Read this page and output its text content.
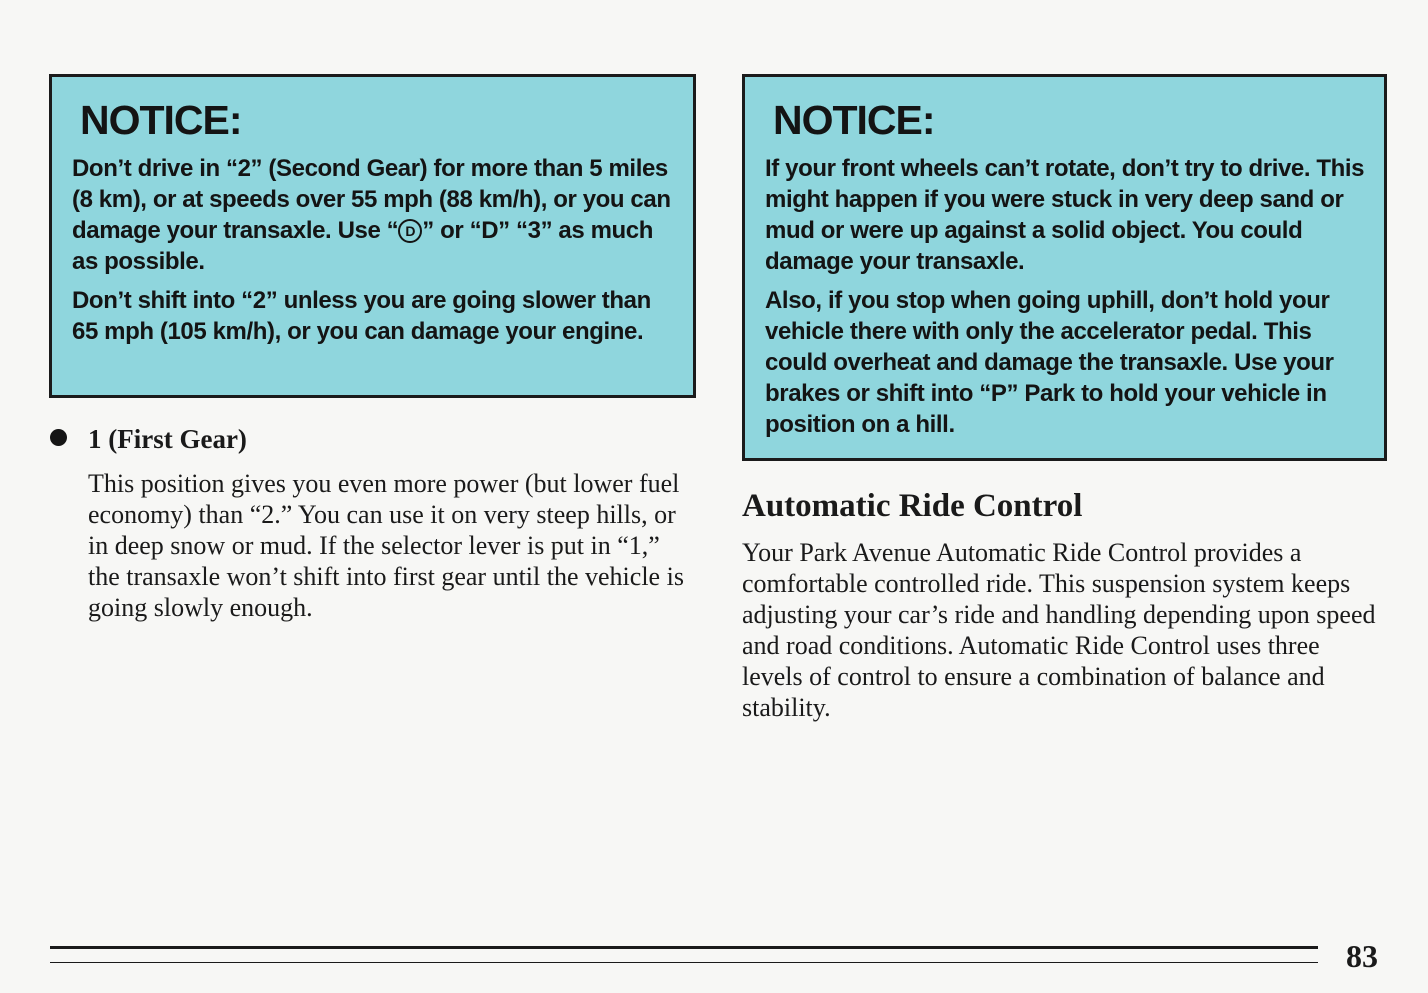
NOTICE:
Don’t drive in “2” (Second Gear) for more than 5 miles (8 km), or at speeds over 55 mph (88 km/h), or you can damage your transaxle. Use “ D ” or “D” “3” as much as possible.
Don’t shift into “2” unless you are going slower than 65 mph (105 km/h), or you can damage your engine.
NOTICE:
If your front wheels can’t rotate, don’t try to drive. This might happen if you were stuck in very deep sand or mud or were up against a solid object. You could damage your transaxle.
Also, if you stop when going uphill, don’t hold your vehicle there with only the accelerator pedal. This could overheat and damage the transaxle. Use your brakes or shift into “P” Park to hold your vehicle in position on a hill.
1 (First Gear)
This position gives you even more power (but lower fuel economy) than “2.” You can use it on very steep hills, or in deep snow or mud. If the selector lever is put in “1,” the transaxle won’t shift into first gear until the vehicle is going slowly enough.
Automatic Ride Control
Your Park Avenue Automatic Ride Control provides a comfortable controlled ride. This suspension system keeps adjusting your car’s ride and handling depending upon speed and road conditions. Automatic Ride Control uses three levels of control to ensure a combination of balance and stability.
83
